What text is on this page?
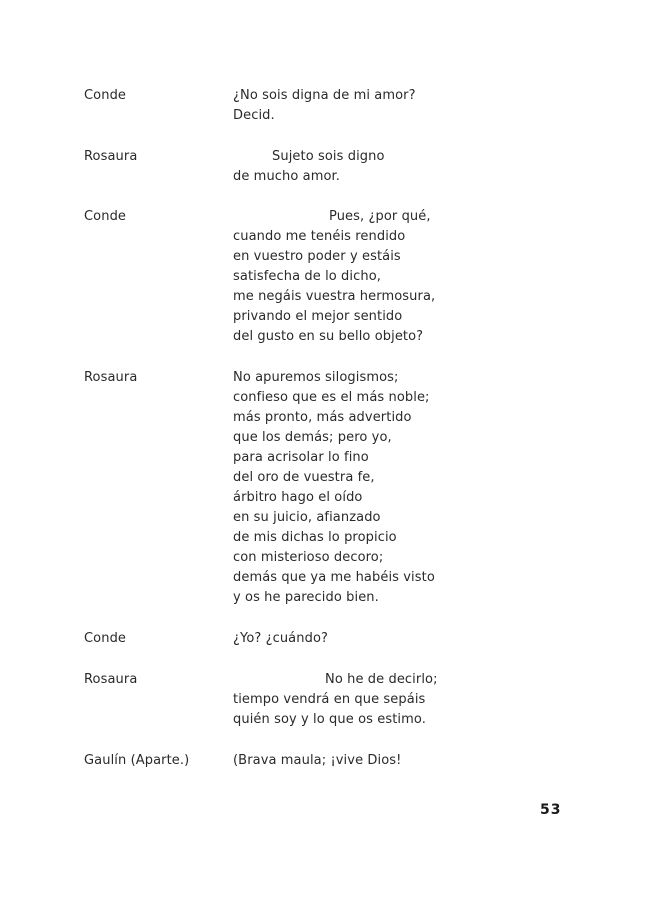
Conde	¿No sois digna de mi amor?
Decid.
Rosaura	Sujeto sois digno
de mucho amor.
Conde	Pues, ¿por qué,
cuando me tenéis rendido
en vuestro poder y estáis
satisfecha de lo dicho,
me negáis vuestra hermosura,
privando el mejor sentido
del gusto en su bello objeto?
Rosaura	No apuremos silogismos;
confieso que es el más noble;
más pronto, más advertido
que los demás; pero yo,
para acrisolar lo fino
del oro de vuestra fe,
árbitro hago el oído
en su juicio, afianzado
de mis dichas lo propicio
con misterioso decoro;
demás que ya me habéis visto
y os he parecido bien.
Conde	¿Yo? ¿cuándo?
Rosaura	No he de decirlo;
tiempo vendrá en que sepáis
quién soy y lo que os estimo.
Gaulín (Aparte.)	(Brava maula; ¡vive Dios!
53
